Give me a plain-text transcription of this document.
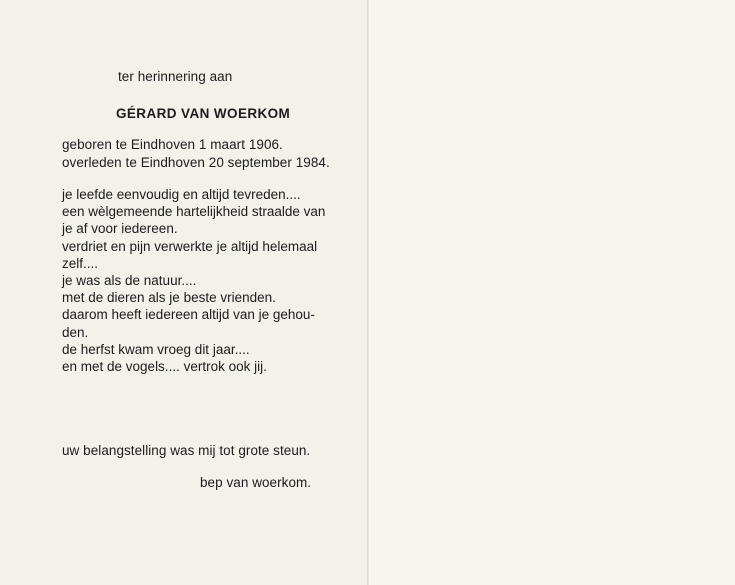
ter herinnering aan
GÉRARD VAN WOERKOM
geboren te Eindhoven 1 maart 1906.
overleden te Eindhoven 20 september 1984.
je leefde eenvoudig en altijd tevreden....
een wèlgemeende hartelijkheid straalde van
je af voor iedereen.
verdriet en pijn verwerkte je altijd helemaal
zelf....
je was als de natuur....
met de dieren als je beste vrienden.
daarom heeft iedereen altijd van je gehou-
den.
de herfst kwam vroeg dit jaar....
en met de vogels.... vertrok ook jij.
uw belangstelling was mij tot grote steun.
bep van woerkom.
